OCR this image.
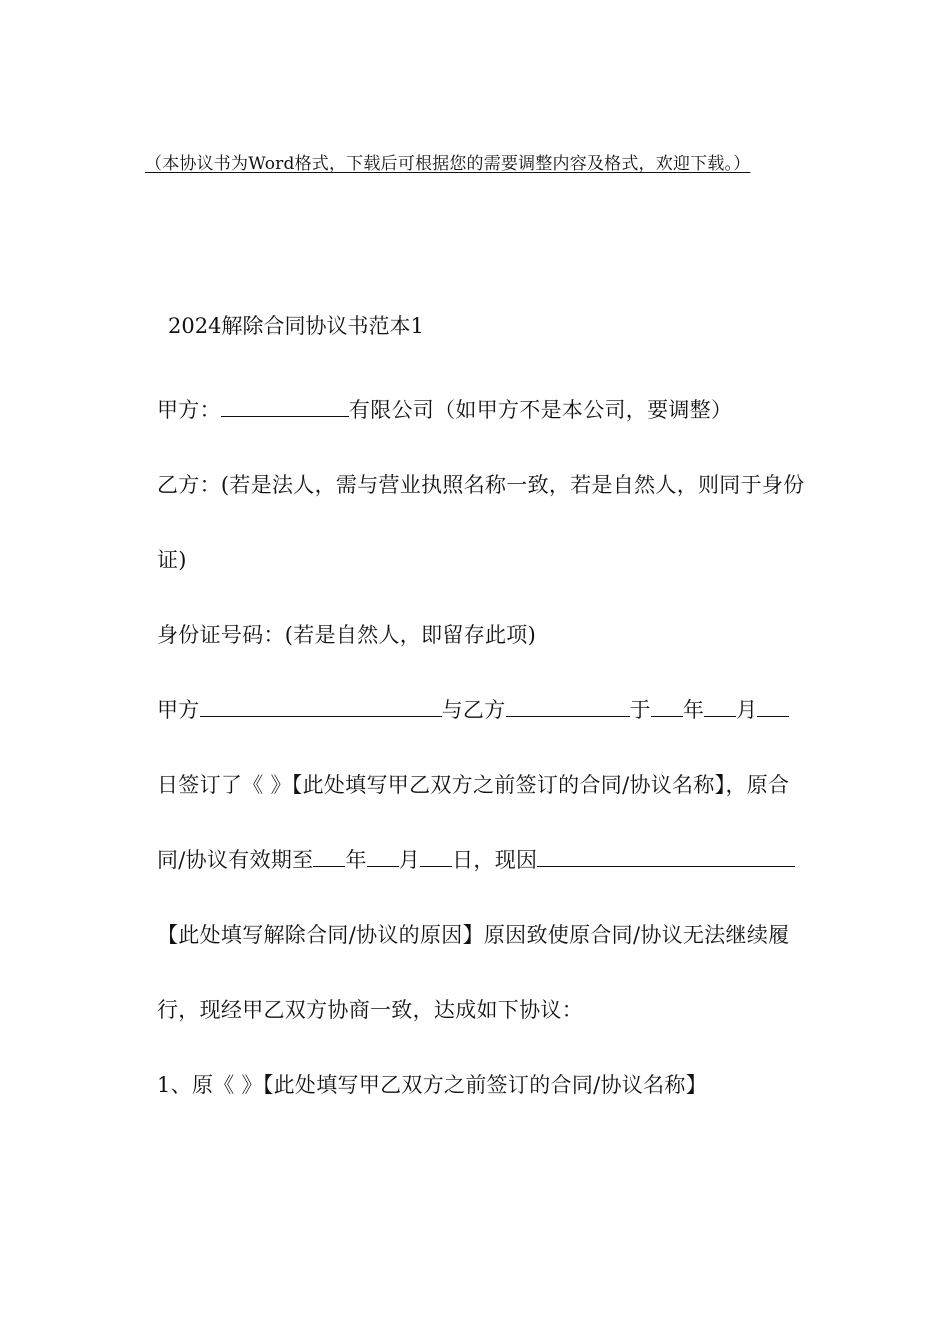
（本协议书为Word格式，下载后可根据您的需要调整内容及格式，欢迎下载。）
2024解除合同协议书范本1

甲方：	有限公司（如甲方不是本公司，要调整）

乙方：(若是法人，需与营业执照名称一致，若是自然人，则同于身份证)

身份证号码：(若是自然人，即留存此项)

甲方	与乙方	于 年 月日签订了《 》【此处填写甲乙双方之前签订的合同/协议名称】，原合同/协议有效期至 年 月 日，现因【此处填写解除合同/协议的原因】原因致使原合同/协议无法继续履行，现经甲乙双方协商一致，达成如下协议：

1、原《 》【此处填写甲乙双方之前签订的合同/协议名称】
